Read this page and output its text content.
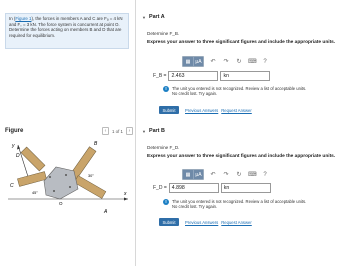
In (Figure 1), the forces in members A and C are Fₐ = 4 kN and F꜀ = 3 kN. The force system is concurrent at point O. Determine the forces acting on members B and D that are required for equilibrium.
Figure	‹	1 of 1	›
y
x
C
D
B
A
O
45°
30°
▼ Part A
Determine F_B.
Express your answer to three significant figures and include the appropriate units.
▦	μA ↶ ↷ ↻ ⌨	?
F_B = 2.463	kn
!	The unit you entered is not recognized. Review a list of acceptable units.
No credit lost. Try again.
Submit	Previous Answers Request Answer
▼ Part B
Determine F_D.
Express your answer to three significant figures and include the appropriate units.
▦	μA ↶ ↷ ↻ ⌨	?
F_D = 4.898	kn
!	The unit you entered is not recognized. Review a list of acceptable units.
No credit lost. Try again.
Submit	Previous Answers Request Answer
